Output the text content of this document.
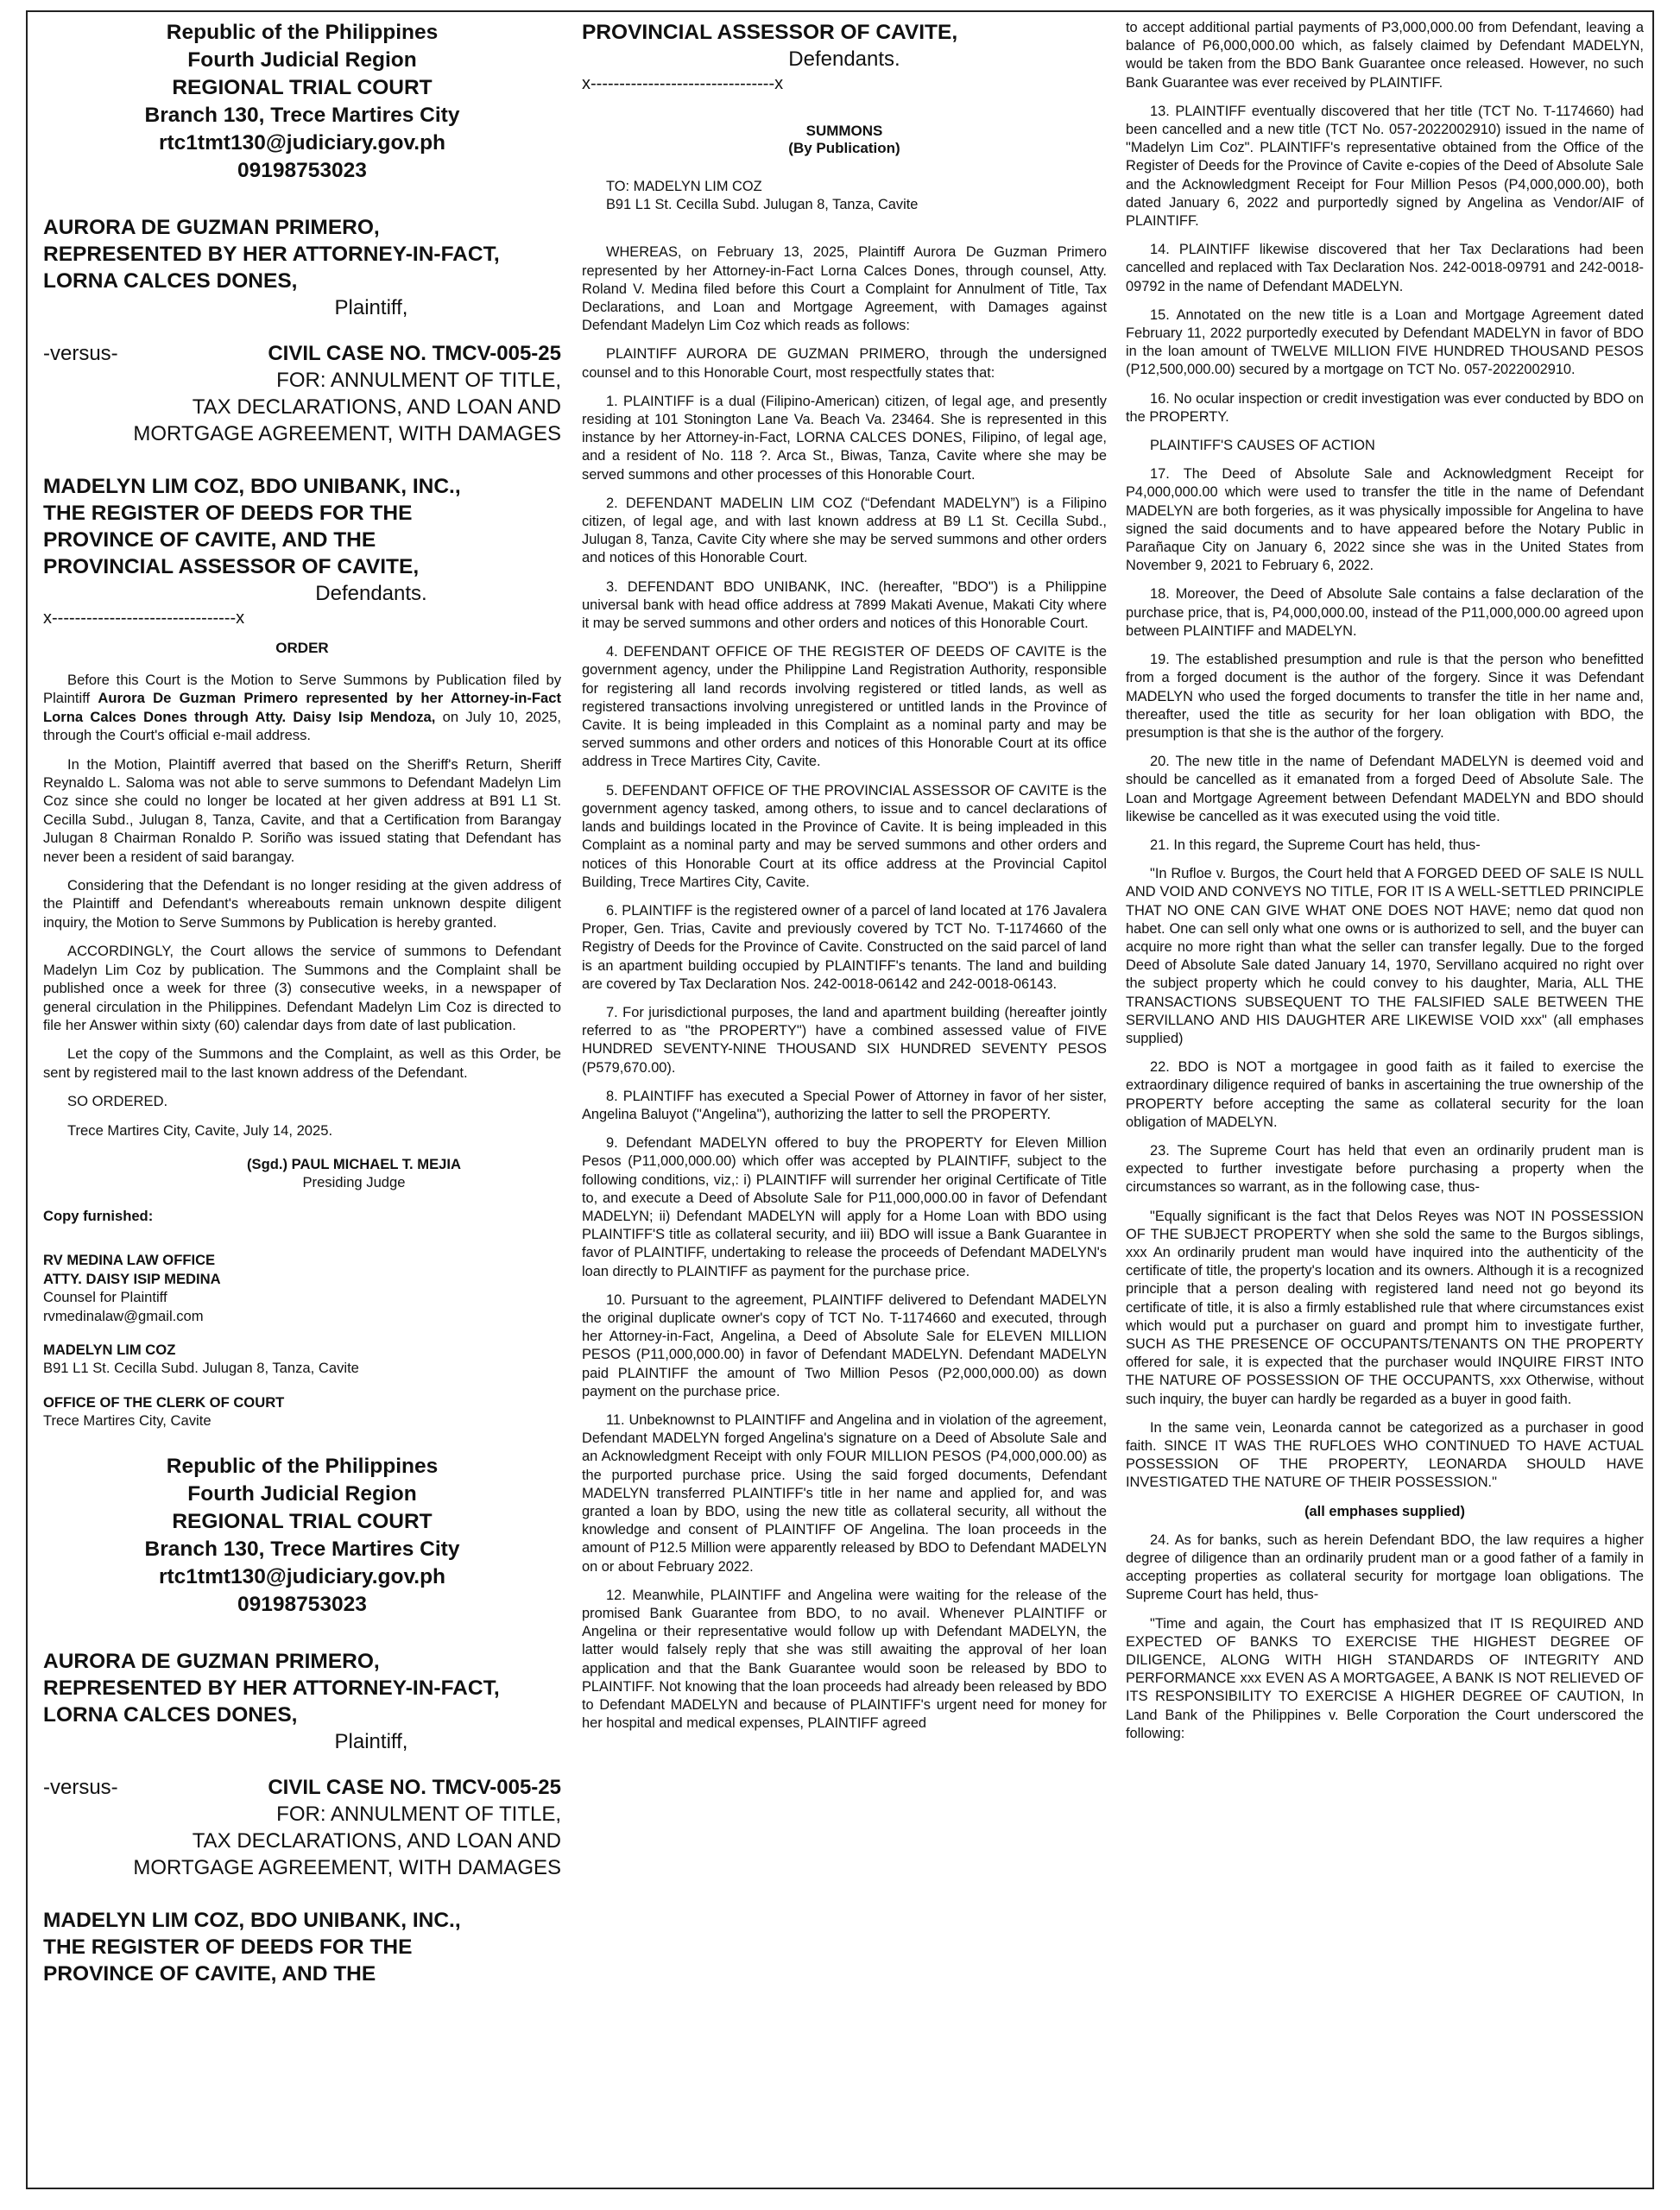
Republic of the Philippines
Fourth Judicial Region
REGIONAL TRIAL COURT
Branch 130, Trece Martires City
rtc1tmt130@judiciary.gov.ph
09198753023
AURORA DE GUZMAN PRIMERO,
REPRESENTED BY HER ATTORNEY-IN-FACT,
LORNA CALCES DONES,
Plaintiff,
-versus-	CIVIL CASE NO. TMCV-005-25
FOR: ANNULMENT OF TITLE,
TAX DECLARATIONS, AND LOAN AND
MORTGAGE AGREEMENT, WITH DAMAGES
MADELYN LIM COZ, BDO UNIBANK, INC.,
THE REGISTER OF DEEDS FOR THE
PROVINCE OF CAVITE, AND THE
PROVINCIAL ASSESSOR OF CAVITE,
Defendants.
x--------------------------------x
ORDER

Before this Court is the Motion to Serve Summons by Publication filed by Plaintiff Aurora De Guzman Primero represented by her Attorney-in-Fact Lorna Calces Dones through Atty. Daisy Isip Mendoza, on July 10, 2025, through the Court's official e-mail address.

In the Motion, Plaintiff averred that based on the Sheriff's Return, Sheriff Reynaldo L. Saloma was not able to serve summons to Defendant Madelyn Lim Coz since she could no longer be located at her given address at B91 L1 St. Cecilla Subd., Julugan 8, Tanza, Cavite, and that a Certification from Barangay Julugan 8 Chairman Ronaldo P. Soriño was issued stating that Defendant has never been a resident of said barangay.

Considering that the Defendant is no longer residing at the given address of the Plaintiff and Defendant's whereabouts remain unknown despite diligent inquiry, the Motion to Serve Summons by Publication is hereby granted.

ACCORDINGLY, the Court allows the service of summons to Defendant Madelyn Lim Coz by publication. The Summons and the Complaint shall be published once a week for three (3) consecutive weeks, in a newspaper of general circulation in the Philippines. Defendant Madelyn Lim Coz is directed to file her Answer within sixty (60) calendar days from date of last publication.

Let the copy of the Summons and the Complaint, as well as this Order, be sent by registered mail to the last known address of the Defendant.

SO ORDERED.

Trece Martires City, Cavite, July 14, 2025.

(Sgd.) PAUL MICHAEL T. MEJIA
Presiding Judge
Copy furnished:
RV MEDINA LAW OFFICE
ATTY. DAISY ISIP MEDINA
Counsel for Plaintiff
rvmedinalaw@gmail.com
MADELYN LIM COZ
B91 L1 St. Cecilla Subd. Julugan 8, Tanza, Cavite
OFFICE OF THE CLERK OF COURT
Trece Martires City, Cavite
Republic of the Philippines
Fourth Judicial Region
REGIONAL TRIAL COURT
Branch 130, Trece Martires City
rtc1tmt130@judiciary.gov.ph
09198753023
AURORA DE GUZMAN PRIMERO,
REPRESENTED BY HER ATTORNEY-IN-FACT,
LORNA CALCES DONES,
Plaintiff,
-versus-	CIVIL CASE NO. TMCV-005-25
FOR: ANNULMENT OF TITLE,
TAX DECLARATIONS, AND LOAN AND
MORTGAGE AGREEMENT, WITH DAMAGES
MADELYN LIM COZ, BDO UNIBANK, INC.,
THE REGISTER OF DEEDS FOR THE
PROVINCE OF CAVITE, AND THE
PROVINCIAL ASSESSOR OF CAVITE,
Defendants.
x--------------------------------x
SUMMONS
(By Publication)

TO: MADELYN LIM COZ
B91 L1 St. Cecilla Subd. Julugan 8, Tanza, Cavite

WHEREAS, on February 13, 2025, Plaintiff Aurora De Guzman Primero represented by her Attorney-in-Fact Lorna Calces Dones, through counsel, Atty. Roland V. Medina filed before this Court a Complaint for Annulment of Title, Tax Declarations, and Loan and Mortgage Agreement, with Damages against Defendant Madelyn Lim Coz which reads as follows:

PLAINTIFF AURORA DE GUZMAN PRIMERO, through the undersigned counsel and to this Honorable Court, most respectfully states that:

1. PLAINTIFF is a dual (Filipino-American) citizen, of legal age, and presently residing at 101 Stonington Lane Va. Beach Va. 23464. She is represented in this instance by her Attorney-in-Fact, LORNA CALCES DONES, Filipino, of legal age, and a resident of No. 118 ?. Arca St., Biwas, Tanza, Cavite where she may be served summons and other processes of this Honorable Court.

2. DEFENDANT MADELIN LIM COZ (“Defendant MADELYN”) is a Filipino citizen, of legal age, and with last known address at B9 L1 St. Cecilla Subd., Julugan 8, Tanza, Cavite City where she may be served summons and other orders and notices of this Honorable Court.

3. DEFENDANT BDO UNIBANK, INC. (hereafter, "BDO") is a Philippine universal bank with head office address at 7899 Makati Avenue, Makati City where it may be served summons and other orders and notices of this Honorable Court.

4. DEFENDANT OFFICE OF THE REGISTER OF DEEDS OF CAVITE is the government agency, under the Philippine Land Registration Authority, responsible for registering all land records involving registered or titled lands, as well as registered transactions involving unregistered or untitled lands in the Province of Cavite. It is being impleaded in this Complaint as a nominal party and may be served summons and other orders and notices of this Honorable Court at its office address in Trece Martires City, Cavite.

5. DEFENDANT OFFICE OF THE PROVINCIAL ASSESSOR OF CAVITE is the government agency tasked, among others, to issue and to cancel declarations of lands and buildings located in the Province of Cavite. It is being impleaded in this Complaint as a nominal party and may be served summons and other orders and notices of this Honorable Court at its office address at the Provincial Capitol Building, Trece Martires City, Cavite.

6. PLAINTIFF is the registered owner of a parcel of land located at 176 Javalera Proper, Gen. Trias, Cavite and previously covered by TCT No. T-1174660 of the Registry of Deeds for the Province of Cavite. Constructed on the said parcel of land is an apartment building occupied by PLAINTIFF's tenants. The land and building are covered by Tax Declaration Nos. 242-0018-06142 and 242-0018-06143.

7. For jurisdictional purposes, the land and apartment building (hereafter jointly referred to as "the PROPERTY") have a combined assessed value of FIVE HUNDRED SEVENTY-NINE THOUSAND SIX HUNDRED SEVENTY PESOS (P579,670.00).

8. PLAINTIFF has executed a Special Power of Attorney in favor of her sister, Angelina Baluyot ("Angelina"), authorizing the latter to sell the PROPERTY.

9. Defendant MADELYN offered to buy the PROPERTY for Eleven Million Pesos (P11,000,000.00) which offer was accepted by PLAINTIFF, subject to the following conditions, viz,: i) PLAINTIFF will surrender her original Certificate of Title to, and execute a Deed of Absolute Sale for P11,000,000.00 in favor of Defendant MADELYN; ii) Defendant MADELYN will apply for a Home Loan with BDO using PLAINTIFF'S title as collateral security, and iii) BDO will issue a Bank Guarantee in favor of PLAINTIFF, undertaking to release the proceeds of Defendant MADELYN's loan directly to PLAINTIFF as payment for the purchase price.

10. Pursuant to the agreement, PLAINTIFF delivered to Defendant MADELYN the original duplicate owner's copy of TCT No. T-1174660 and executed, through her Attorney-in-Fact, Angelina, a Deed of Absolute Sale for ELEVEN MILLION PESOS (P11,000,000.00) in favor of Defendant MADELYN. Defendant MADELYN paid PLAINTIFF the amount of Two Million Pesos (P2,000,000.00) as down payment on the purchase price.

11. Unbeknownst to PLAINTIFF and Angelina and in violation of the agreement, Defendant MADELYN forged Angelina's signature on a Deed of Absolute Sale and an Acknowledgment Receipt with only FOUR MILLION PESOS (P4,000,000.00) as the purported purchase price. Using the said forged documents, Defendant MADELYN transferred PLAINTIFF's title in her name and applied for, and was granted a loan by BDO, using the new title as collateral security, all without the knowledge and consent of PLAINTIFF OF Angelina. The loan proceeds in the amount of P12.5 Million were apparently released by BDO to Defendant MADELYN on or about February 2022.

12. Meanwhile, PLAINTIFF and Angelina were waiting for the release of the promised Bank Guarantee from BDO, to no avail. Whenever PLAINTIFF or Angelina or their representative would follow up with Defendant MADELYN, the latter would falsely reply that she was still awaiting the approval of her loan application and that the Bank Guarantee would soon be released by BDO to PLAINTIFF. Not knowing that the loan proceeds had already been released by BDO to Defendant MADELYN and because of PLAINTIFF's urgent need for money for her hospital and medical expenses, PLAINTIFF agreed

to accept additional partial payments of P3,000,000.00 from Defendant, leaving a balance of P6,000,000.00 which, as falsely claimed by Defendant MADELYN, would be taken from the BDO Bank Guarantee once released. However, no such Bank Guarantee was ever received by PLAINTIFF.

13. PLAINTIFF eventually discovered that her title (TCT No. T-1174660) had been cancelled and a new title (TCT No. 057-2022002910) issued in the name of "Madelyn Lim Coz". PLAINTIFF's representative obtained from the Office of the Register of Deeds for the Province of Cavite e-copies of the Deed of Absolute Sale and the Acknowledgment Receipt for Four Million Pesos (P4,000,000.00), both dated January 6, 2022 and purportedly signed by Angelina as Vendor/AIF of PLAINTIFF.

14. PLAINTIFF likewise discovered that her Tax Declarations had been cancelled and replaced with Tax Declaration Nos. 242-0018-09791 and 242-0018-09792 in the name of Defendant MADELYN.

15. Annotated on the new title is a Loan and Mortgage Agreement dated February 11, 2022 purportedly executed by Defendant MADELYN in favor of BDO in the loan amount of TWELVE MILLION FIVE HUNDRED THOUSAND PESOS (P12,500,000.00) secured by a mortgage on TCT No. 057-2022002910.

16. No ocular inspection or credit investigation was ever conducted by BDO on the PROPERTY.

PLAINTIFF'S CAUSES OF ACTION

17. The Deed of Absolute Sale and Acknowledgment Receipt for P4,000,000.00 which were used to transfer the title in the name of Defendant MADELYN are both forgeries, as it was physically impossible for Angelina to have signed the said documents and to have appeared before the Notary Public in Parañaque City on January 6, 2022 since she was in the United States from November 9, 2021 to February 6, 2022.

18. Moreover, the Deed of Absolute Sale contains a false declaration of the purchase price, that is, P4,000,000.00, instead of the P11,000,000.00 agreed upon between PLAINTIFF and MADELYN.

19. The established presumption and rule is that the person who benefitted from a forged document is the author of the forgery. Since it was Defendant MADELYN who used the forged documents to transfer the title in her name and, thereafter, used the title as security for her loan obligation with BDO, the presumption is that she is the author of the forgery.

20. The new title in the name of Defendant MADELYN is deemed void and should be cancelled as it emanated from a forged Deed of Absolute Sale. The Loan and Mortgage Agreement between Defendant MADELYN and BDO should likewise be cancelled as it was executed using the void title.

21. In this regard, the Supreme Court has held, thus-

"In Rufloe v. Burgos, the Court held that A FORGED DEED OF SALE IS NULL AND VOID AND CONVEYS NO TITLE, FOR IT IS A WELL-SETTLED PRINCIPLE THAT NO ONE CAN GIVE WHAT ONE DOES NOT HAVE; nemo dat quod non habet. One can sell only what one owns or is authorized to sell, and the buyer can acquire no more right than what the seller can transfer legally. Due to the forged Deed of Absolute Sale dated January 14, 1970, Servillano acquired no right over the subject property which he could convey to his daughter, Maria, ALL THE TRANSACTIONS SUBSEQUENT TO THE FALSIFIED SALE BETWEEN THE SERVILLANO AND HIS DAUGHTER ARE LIKEWISE VOID xxx" (all emphases supplied)

22. BDO is NOT a mortgagee in good faith as it failed to exercise the extraordinary diligence required of banks in ascertaining the true ownership of the PROPERTY before accepting the same as collateral security for the loan obligation of MADELYN.

23. The Supreme Court has held that even an ordinarily prudent man is expected to further investigate before purchasing a property when the circumstances so warrant, as in the following case, thus-

"Equally significant is the fact that Delos Reyes was NOT IN POSSESSION OF THE SUBJECT PROPERTY when she sold the same to the Burgos siblings, xxx An ordinarily prudent man would have inquired into the authenticity of the certificate of title, the property's location and its owners. Although it is a recognized principle that a person dealing with registered land need not go beyond its certificate of title, it is also a firmly established rule that where circumstances exist which would put a purchaser on guard and prompt him to investigate further, SUCH AS THE PRESENCE OF OCCUPANTS/TENANTS ON THE PROPERTY offered for sale, it is expected that the purchaser would INQUIRE FIRST INTO THE NATURE OF POSSESSION OF THE OCCUPANTS, xxx Otherwise, without such inquiry, the buyer can hardly be regarded as a buyer in good faith.

In the same vein, Leonarda cannot be categorized as a purchaser in good faith. SINCE IT WAS THE RUFLOES WHO CONTINUED TO HAVE ACTUAL POSSESSION OF THE PROPERTY, LEONARDA SHOULD HAVE INVESTIGATED THE NATURE OF THEIR POSSESSION."

(all emphases supplied)

24. As for banks, such as herein Defendant BDO, the law requires a higher degree of diligence than an ordinarily prudent man or a good father of a family in accepting properties as collateral security for mortgage loan obligations. The Supreme Court has held, thus-

"Time and again, the Court has emphasized that IT IS REQUIRED AND EXPECTED OF BANKS TO EXERCISE THE HIGHEST DEGREE OF DILIGENCE, ALONG WITH HIGH STANDARDS OF INTEGRITY AND PERFORMANCE xxx EVEN AS A MORTGAGEE, A BANK IS NOT RELIEVED OF ITS RESPONSIBILITY TO EXERCISE A HIGHER DEGREE OF CAUTION, In Land Bank of the Philippines v. Belle Corporation the Court underscored the following:
